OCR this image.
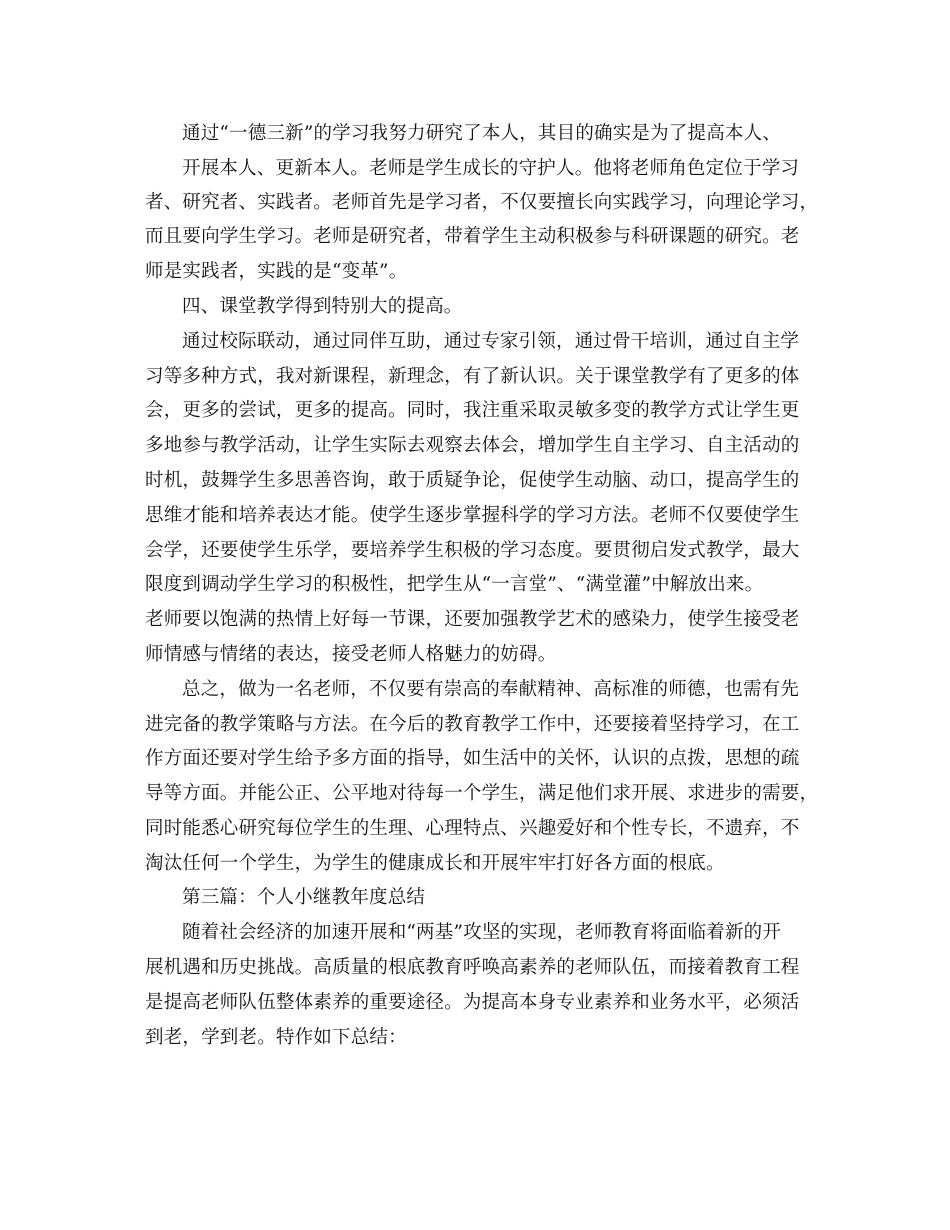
通过“一德三新”的学习我努力研究了本人，其目的确实是为了提高本人、
开展本人、更新本人。老师是学生成长的守护人。他将老师角色定位于学习
者、研究者、实践者。老师首先是学习者，不仅要擅长向实践学习，向理论学习，
而且要向学生学习。老师是研究者，带着学生主动积极参与科研课题的研究。老
师是实践者，实践的是“变革”。
四、课堂教学得到特别大的提高。
通过校际联动，通过同伴互助，通过专家引领，通过骨干培训，通过自主学
习等多种方式，我对新课程，新理念，有了新认识。关于课堂教学有了更多的体
会，更多的尝试，更多的提高。同时，我注重采取灵敏多变的教学方式让学生更
多地参与教学活动，让学生实际去观察去体会，增加学生自主学习、自主活动的
时机，鼓舞学生多思善咨询，敢于质疑争论，促使学生动脑、动口，提高学生的
思维才能和培养表达才能。使学生逐步掌握科学的学习方法。老师不仅要使学生
会学，还要使学生乐学，要培养学生积极的学习态度。要贯彻启发式教学，最大
限度到调动学生学习的积极性，把学生从“一言堂”、“满堂灌”中解放出来。
老师要以饱满的热情上好每一节课，还要加强教学艺术的感染力，使学生接受老
师情感与情绪的表达，接受老师人格魅力的妨碍。
总之，做为一名老师，不仅要有崇高的奉献精神、高标准的师德，也需有先
进完备的教学策略与方法。在今后的教育教学工作中，还要接着坚持学习，在工
作方面还要对学生给予多方面的指导，如生活中的关怀，认识的点拨，思想的疏
导等方面。并能公正、公平地对待每一个学生，满足他们求开展、求进步的需要，
同时能悉心研究每位学生的生理、心理特点、兴趣爱好和个性专长，不遗弃，不
淘汰任何一个学生，为学生的健康成长和开展牢牢打好各方面的根底。
第三篇：个人小继教年度总结
随着社会经济的加速开展和“两基”攻坚的实现，老师教育将面临着新的开
展机遇和历史挑战。高质量的根底教育呼唤高素养的老师队伍，而接着教育工程
是提高老师队伍整体素养的重要途径。为提高本身专业素养和业务水平，必须活
到老，学到老。特作如下总结：
